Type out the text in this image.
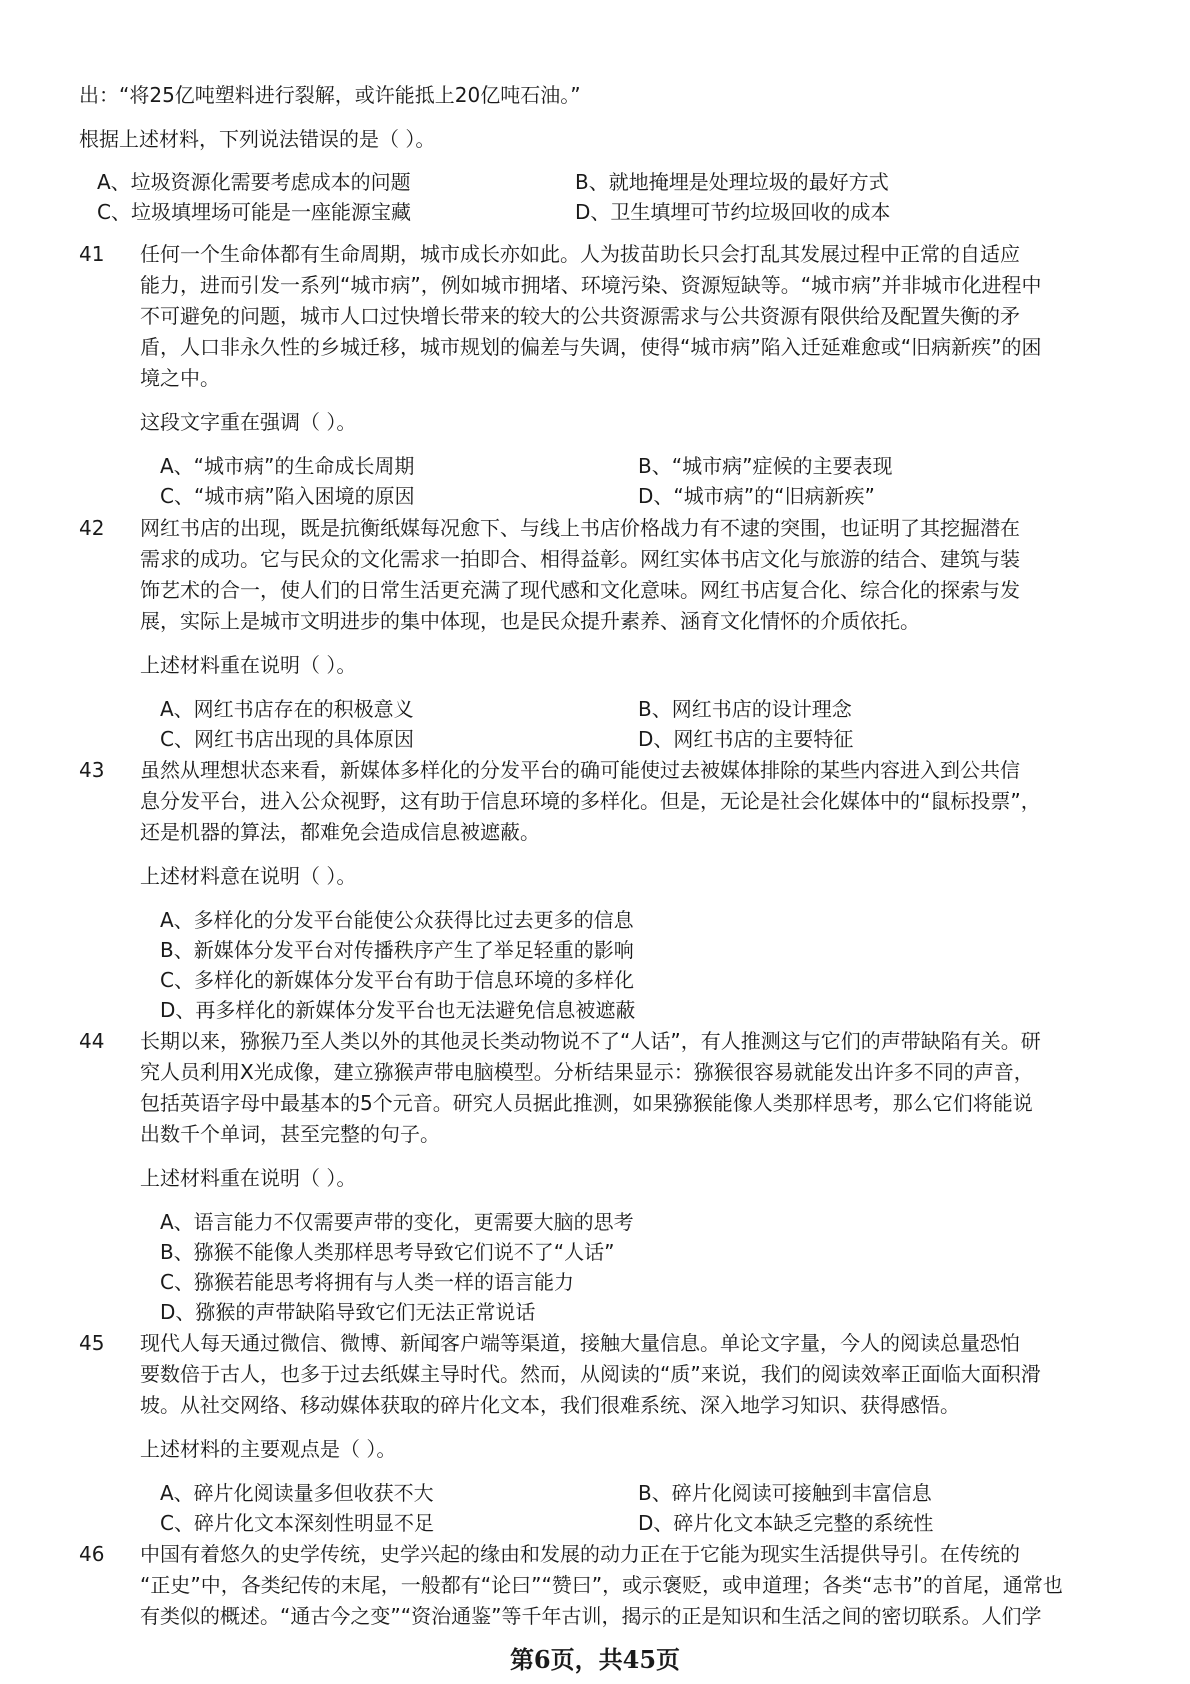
出：“将25亿吨塑料进行裂解，或许能抵上20亿吨石油。”

根据上述材料，下列说法错误的是（ ）。

A、垃圾资源化需要考虑成本的问题	B、就地掩埋是处理垃圾的最好方式

C、垃圾填埋场可能是一座能源宝藏	D、卫生填埋可节约垃圾回收的成本

41	任何一个生命体都有生命周期，城市成长亦如此。人为拔苗助长只会打乱其发展过程中正常的自适应

能力，进而引发一系列“城市病”，例如城市拥堵、环境污染、资源短缺等。“城市病”并非城市化进程中

不可避免的问题，城市人口过快增长带来的较大的公共资源需求与公共资源有限供给及配置失衡的矛

盾，人口非永久性的乡城迁移，城市规划的偏差与失调，使得“城市病”陷入迁延难愈或“旧病新疾”的困

境之中。

这段文字重在强调（ ）。

A、“城市病”的生命成长周期	B、“城市病”症候的主要表现

C、“城市病”陷入困境的原因	D、“城市病”的“旧病新疾”

42	网红书店的出现，既是抗衡纸媒每况愈下、与线上书店价格战力有不逮的突围，也证明了其挖掘潜在

需求的成功。它与民众的文化需求一拍即合、相得益彰。网红实体书店文化与旅游的结合、建筑与装

饰艺术的合一，使人们的日常生活更充满了现代感和文化意味。网红书店复合化、综合化的探索与发

展，实际上是城市文明进步的集中体现，也是民众提升素养、涵育文化情怀的介质依托。

上述材料重在说明（ ）。

A、网红书店存在的积极意义	B、网红书店的设计理念

C、网红书店出现的具体原因	D、网红书店的主要特征

43	虽然从理想状态来看，新媒体多样化的分发平台的确可能使过去被媒体排除的某些内容进入到公共信

息分发平台，进入公众视野，这有助于信息环境的多样化。但是，无论是社会化媒体中的“鼠标投票”，

还是机器的算法，都难免会造成信息被遮蔽。

上述材料意在说明（ ）。

A、多样化的分发平台能使公众获得比过去更多的信息

B、新媒体分发平台对传播秩序产生了举足轻重的影响

C、多样化的新媒体分发平台有助于信息环境的多样化

D、再多样化的新媒体分发平台也无法避免信息被遮蔽

44	长期以来，猕猴乃至人类以外的其他灵长类动物说不了“人话”，有人推测这与它们的声带缺陷有关。研

究人员利用X光成像，建立猕猴声带电脑模型。分析结果显示：猕猴很容易就能发出许多不同的声音，

包括英语字母中最基本的5个元音。研究人员据此推测，如果猕猴能像人类那样思考，那么它们将能说

出数千个单词，甚至完整的句子。

上述材料重在说明（ ）。

A、语言能力不仅需要声带的变化，更需要大脑的思考

B、猕猴不能像人类那样思考导致它们说不了“人话”

C、猕猴若能思考将拥有与人类一样的语言能力

D、猕猴的声带缺陷导致它们无法正常说话

45	现代人每天通过微信、微博、新闻客户端等渠道，接触大量信息。单论文字量，今人的阅读总量恐怕

要数倍于古人，也多于过去纸媒主导时代。然而，从阅读的“质”来说，我们的阅读效率正面临大面积滑

坡。从社交网络、移动媒体获取的碎片化文本，我们很难系统、深入地学习知识、获得感悟。

上述材料的主要观点是（ ）。

A、碎片化阅读量多但收获不大	B、碎片化阅读可接触到丰富信息

C、碎片化文本深刻性明显不足	D、碎片化文本缺乏完整的系统性

46	中国有着悠久的史学传统，史学兴起的缘由和发展的动力正在于它能为现实生活提供导引。在传统的

“正史”中，各类纪传的末尾，一般都有“论曰”“赞曰”，或示褒贬，或申道理；各类“志书”的首尾，通常也

有类似的概述。“通古今之变”“资治通鉴”等千年古训，揭示的正是知识和生活之间的密切联系。人们学

第6页，共45页
